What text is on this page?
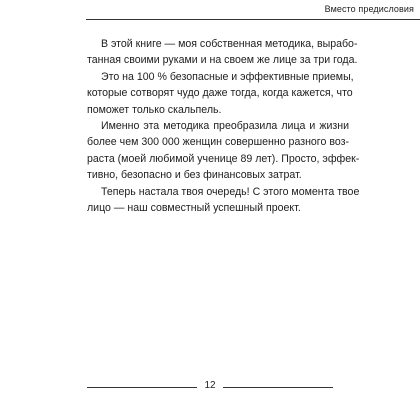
Вместо предисловия

В этой книге — моя собственная методика, вырабо-
танная своими руками и на своем же лице за три года.

Это на 100 % безопасные и эффективные приемы,
которые сотворят чудо даже тогда, когда кажется, что
поможет только скальпель.

Именно эта методика преобразила лица и жизни
более чем 300 000 женщин совершенно разного воз-
раста (моей любимой ученице 89 лет). Просто, эффек-
тивно, безопасно и без финансовых затрат.

Теперь настала твоя очередь! С этого момента твое
лицо — наш совместный успешный проект.

12
